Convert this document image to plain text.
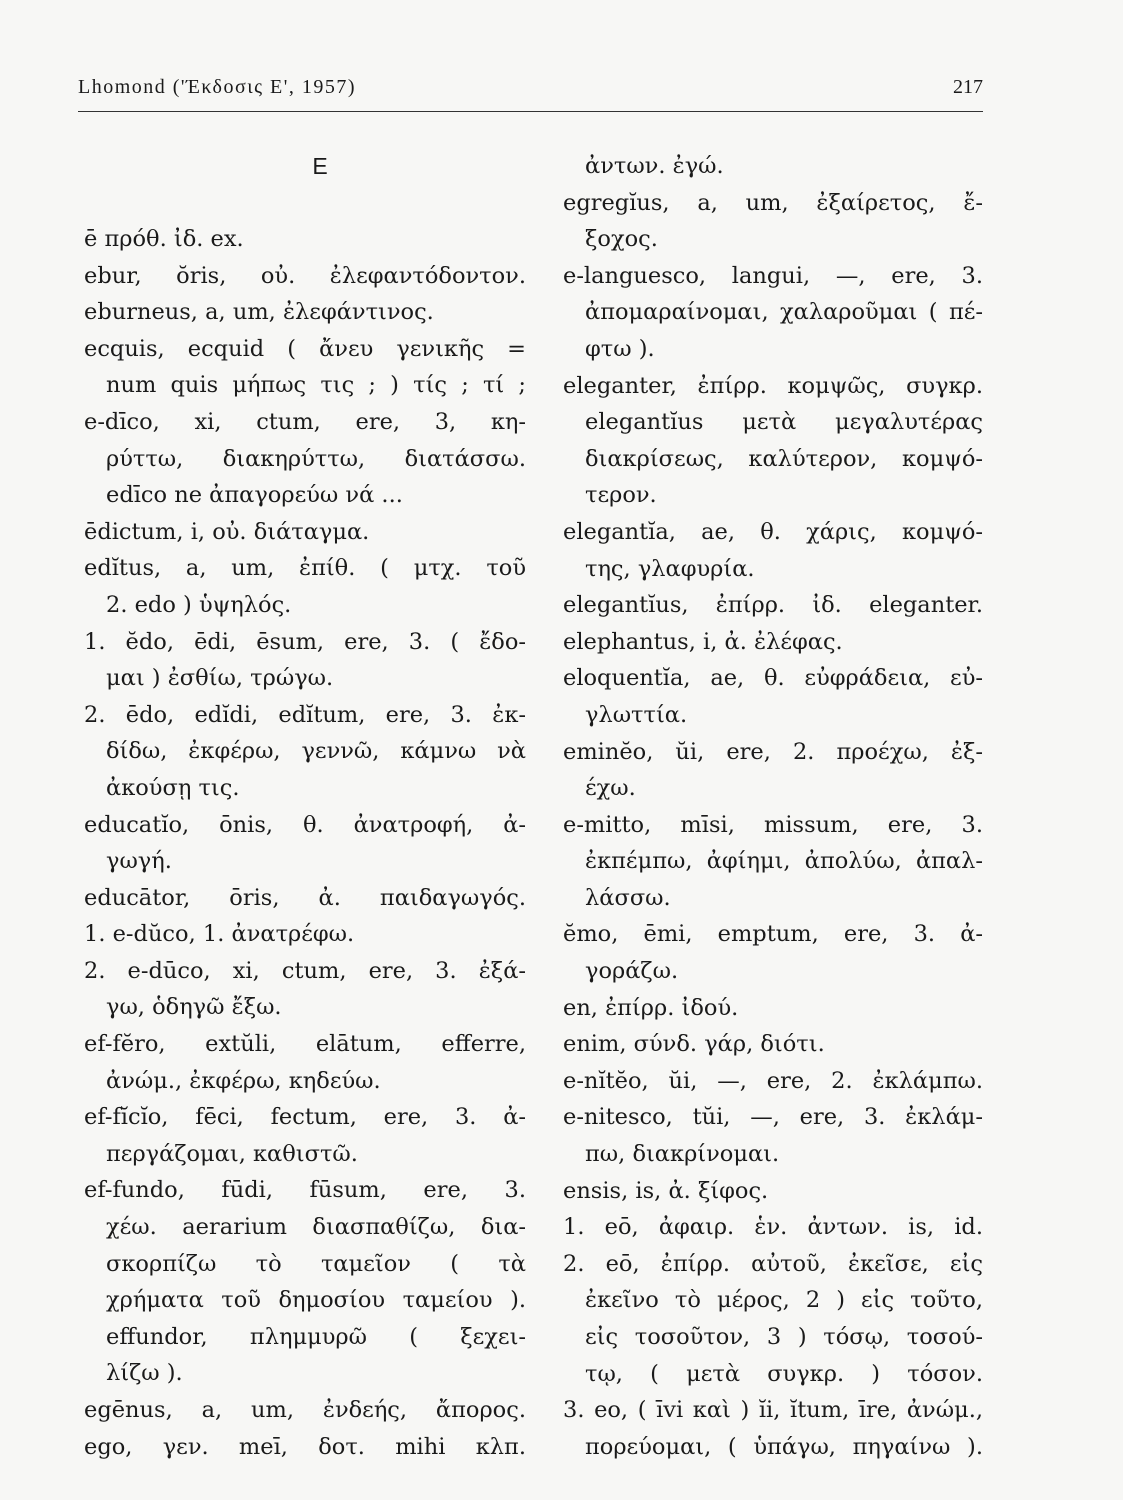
Lhomond ('Έκδοσις Ε', 1957)	217
E
ē πρόθ. ἰδ. ex.
ebur, ŏris, οὐ. ἐλεφαντόδοντον.
eburneus, a, um, ἐλεφάντινος.
ecquis, ecquid ( ἄνευ γενικῆς =
num quis μήπως τις ; ) τίς ; τί ;
e-dīco, xi, ctum, ere, 3, κη-
ρύττω, διακηρύττω, διατάσσω.
edīco ne ἀπαγορεύω νά ...
ēdictum, i, οὐ. διάταγμα.
edĭtus, a, um, ἐπίθ. ( μτχ. τοῦ
2. edo ) ὑψηλός.
1. ĕdo, ēdi, ēsum, ere, 3. ( ἔδο-
μαι ) ἐσθίω, τρώγω.
2. ēdo, edĭdi, edĭtum, ere, 3. ἐκ-
δίδω, ἐκφέρω, γεννῶ, κάμνω νὰ
ἀκούσῃ τις.
educatĭo, ōnis, θ. ἀνατροφή, ἀ-
γωγή.
educātor, ōris, ἀ. παιδαγωγός.
1. e-dŭco, 1. ἀνατρέφω.
2. e-dūco, xi, ctum, ere, 3. ἐξά-
γω, ὁδηγῶ ἔξω.
ef-fĕro, extŭli, elātum, efferre,
ἀνώμ., ἐκφέρω, κηδεύω.
ef-fĭcĭo, fēci, fectum, ere, 3. ἀ-
περγάζομαι, καθιστῶ.
ef-fundo, fūdi, fūsum, ere, 3.
χέω. aerarium διασπαθίζω, δια-
σκορπίζω τὸ ταμεῖον ( τὰ
χρήματα τοῦ δημοσίου ταμείου ).
effundor, πλημμυρῶ ( ξεχει-
λίζω ).
egēnus, a, um, ἐνδεής, ἄπορος.
ego, γεν. meī, δοτ. mihi κλπ.
ἀντων. ἐγώ.
egregĭus, a, um, ἐξαίρετος, ἔ-
ξοχος.
e-languesco, langui, —, ere, 3.
ἀπομαραίνομαι, χαλαροῦμαι ( πέ-
φτω ).
eleganter, ἐπίρρ. κομψῶς, συγκρ.
elegantĭus μετὰ μεγαλυτέρας
διακρίσεως, καλύτερον, κομψό-
τερον.
elegantĭa, ae, θ. χάρις, κομψό-
της, γλαφυρία.
elegantĭus, ἐπίρρ. ἰδ. eleganter.
elephantus, i, ἀ. ἐλέφας.
eloquentĭa, ae, θ. εὐφράδεια, εὐ-
γλωττία.
eminĕo, ŭi, ere, 2. προέχω, ἐξ-
έχω.
e-mitto, mīsi, missum, ere, 3.
ἐκπέμπω, ἀφίημι, ἀπολύω, ἀπαλ-
λάσσω.
ĕmo, ēmi, emptum, ere, 3. ἀ-
γοράζω.
en, ἐπίρρ. ἰδού.
enim, σύνδ. γάρ, διότι.
e-nĭtĕo, ŭi, —, ere, 2. ἐκλάμπω.
e-nitesco, tŭi, —, ere, 3. ἐκλάμ-
πω, διακρίνομαι.
ensis, is, ἀ. ξίφος.
1. eō, ἀφαιρ. ἑν. ἀντων. is, id.
2. eō, ἐπίρρ. αὐτοῦ, ἐκεῖσε, εἰς
ἐκεῖνο τὸ μέρος, 2 ) εἰς τοῦτο,
εἰς τοσοῦτον, 3 ) τόσῳ, τοσού-
τῳ, ( μετὰ συγκρ. ) τόσον.
3. eo, ( īvi καὶ ) ĭi, ĭtum, īre, ἀνώμ.,
πορεύομαι, ( ὑπάγω, πηγαίνω ).
